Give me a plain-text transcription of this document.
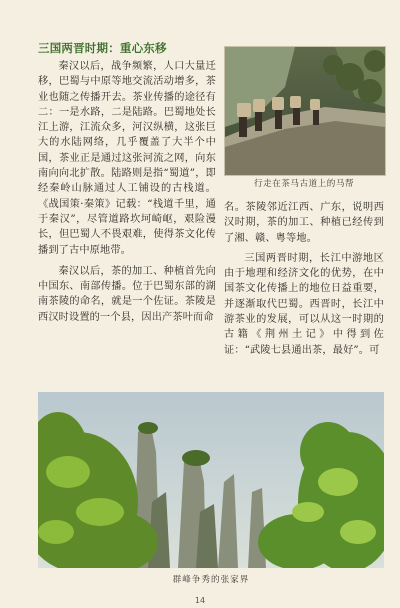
三国两晋时期：重心东移

秦汉以后，战争频繁，人口大量迁移，巴蜀与中原等地交流活动增多，茶业也随之传播开去。茶业传播的途径有二：一是水路，二是陆路。巴蜀地处长江上游，江流众多，河汉纵横，这张巨大的水陆网络，几乎覆盖了大半个中国，茶业正是通过这张河流之网，向东南向向北扩散。陆路则是指“蜀道”，即经秦岭山脉通过人工铺设的古栈道。《战国策·秦策》记载：“栈道千里，通于秦汉”，尽管道路坎坷崎岖，艰险漫长，但巴蜀人不畏艰难，使得茶文化传播到了古中原地带。

秦汉以后，茶的加工、种植首先向中国东、南部传播。位于巴蜀东部的湖南茶陵的命名，就是一个佐证。茶陵是西汉时设置的一个县，因出产茶叶而命

行走在茶马古道上的马帮

名。茶陵邻近江西、广东，说明西汉时期，茶的加工、种植已经传到了湘、赣、粤等地。

三国两晋时期，长江中游地区由于地理和经济文化的优势，在中国茶文化传播上的地位日益重要，并逐渐取代巴蜀。西晋时，长江中游茶业的发展，可以从这一时期的古籍《荆州土记》中得到佐证：“武陵七县通出茶，最好”。可

群峰争秀的张家界
14
